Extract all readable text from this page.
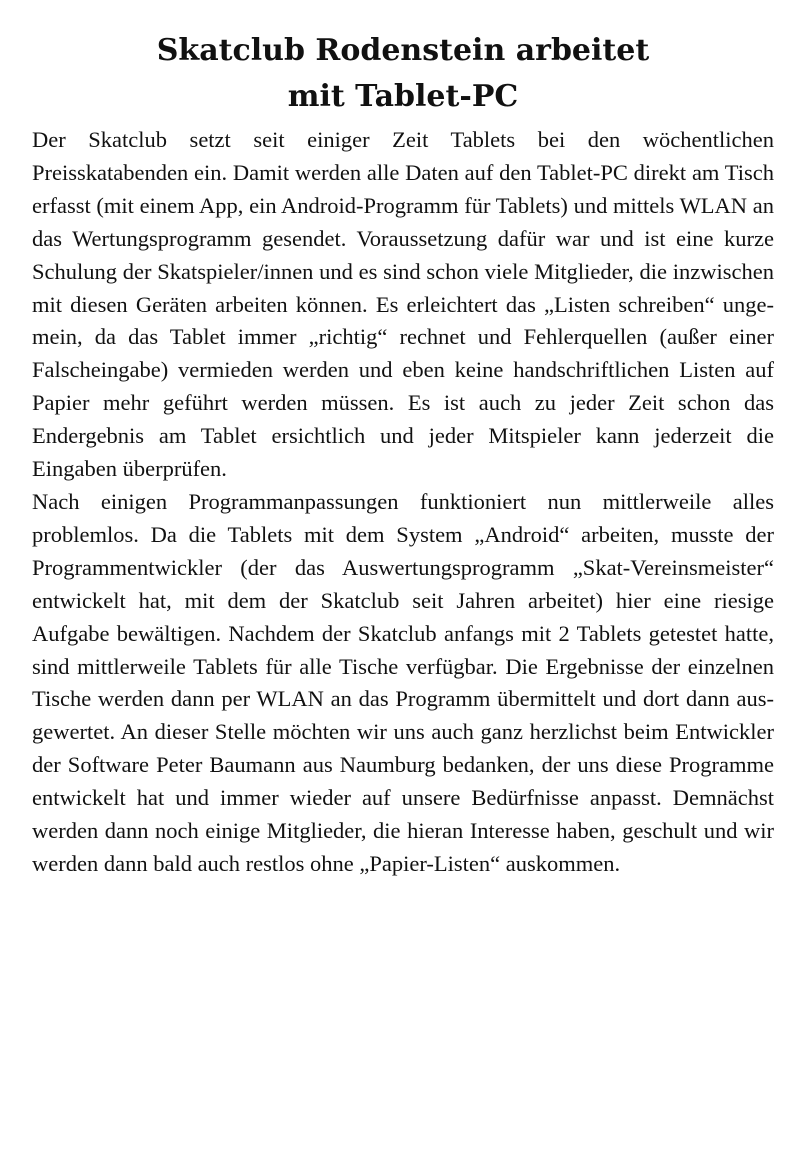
Skatclub Rodenstein arbeitet
mit Tablet-PC

Der Skatclub setzt seit einiger Zeit Tablets bei den wöchentlichen Preisskatabenden ein. Damit werden alle Daten auf den Tablet-PC direkt am Tisch erfasst (mit einem App, ein Android-Programm für Tablets) und mittels WLAN an das Wertungsprogramm gesendet. Voraussetzung dafür war und ist eine kurze Schulung der Skatspieler/innen und es sind schon viele Mitglieder, die inzwischen mit diesen Geräten arbeiten können. Es erleichtert das „Listen schreiben“ ungemein, da das Tablet immer „richtig“ rechnet und Fehlerquellen (außer einer Falscheingabe) vermieden werden und eben keine handschriftlichen Listen auf Papier mehr geführt werden müssen. Es ist auch zu jeder Zeit schon das Endergebnis am Tablet ersichtlich und jeder Mitspieler kann jederzeit die Eingaben überprüfen.

Nach einigen Programmanpassungen funktioniert nun mittlerweile alles problemlos. Da die Tablets mit dem System „Android“ arbeiten, musste der Programmentwickler (der das Auswertungsprogramm „Skat-Vereinsmeister“ entwickelt hat, mit dem der Skatclub seit Jahren arbeitet) hier eine riesige Aufgabe bewältigen. Nachdem der Skatclub anfangs mit 2 Tablets getestet hatte, sind mittlerweile Tablets für alle Tische verfügbar. Die Ergebnisse der einzelnen Tische werden dann per WLAN an das Programm übermittelt und dort dann ausgewertet. An dieser Stelle möchten wir uns auch ganz herzlichst beim Entwickler der Software Peter Baumann aus Naumburg bedanken, der uns diese Programme entwickelt hat und immer wieder auf unsere Bedürfnisse anpasst. Demnächst werden dann noch einige Mitglieder, die hieran Interesse haben, geschult und wir werden dann bald auch restlos ohne „Papier-Listen“ auskommen.
